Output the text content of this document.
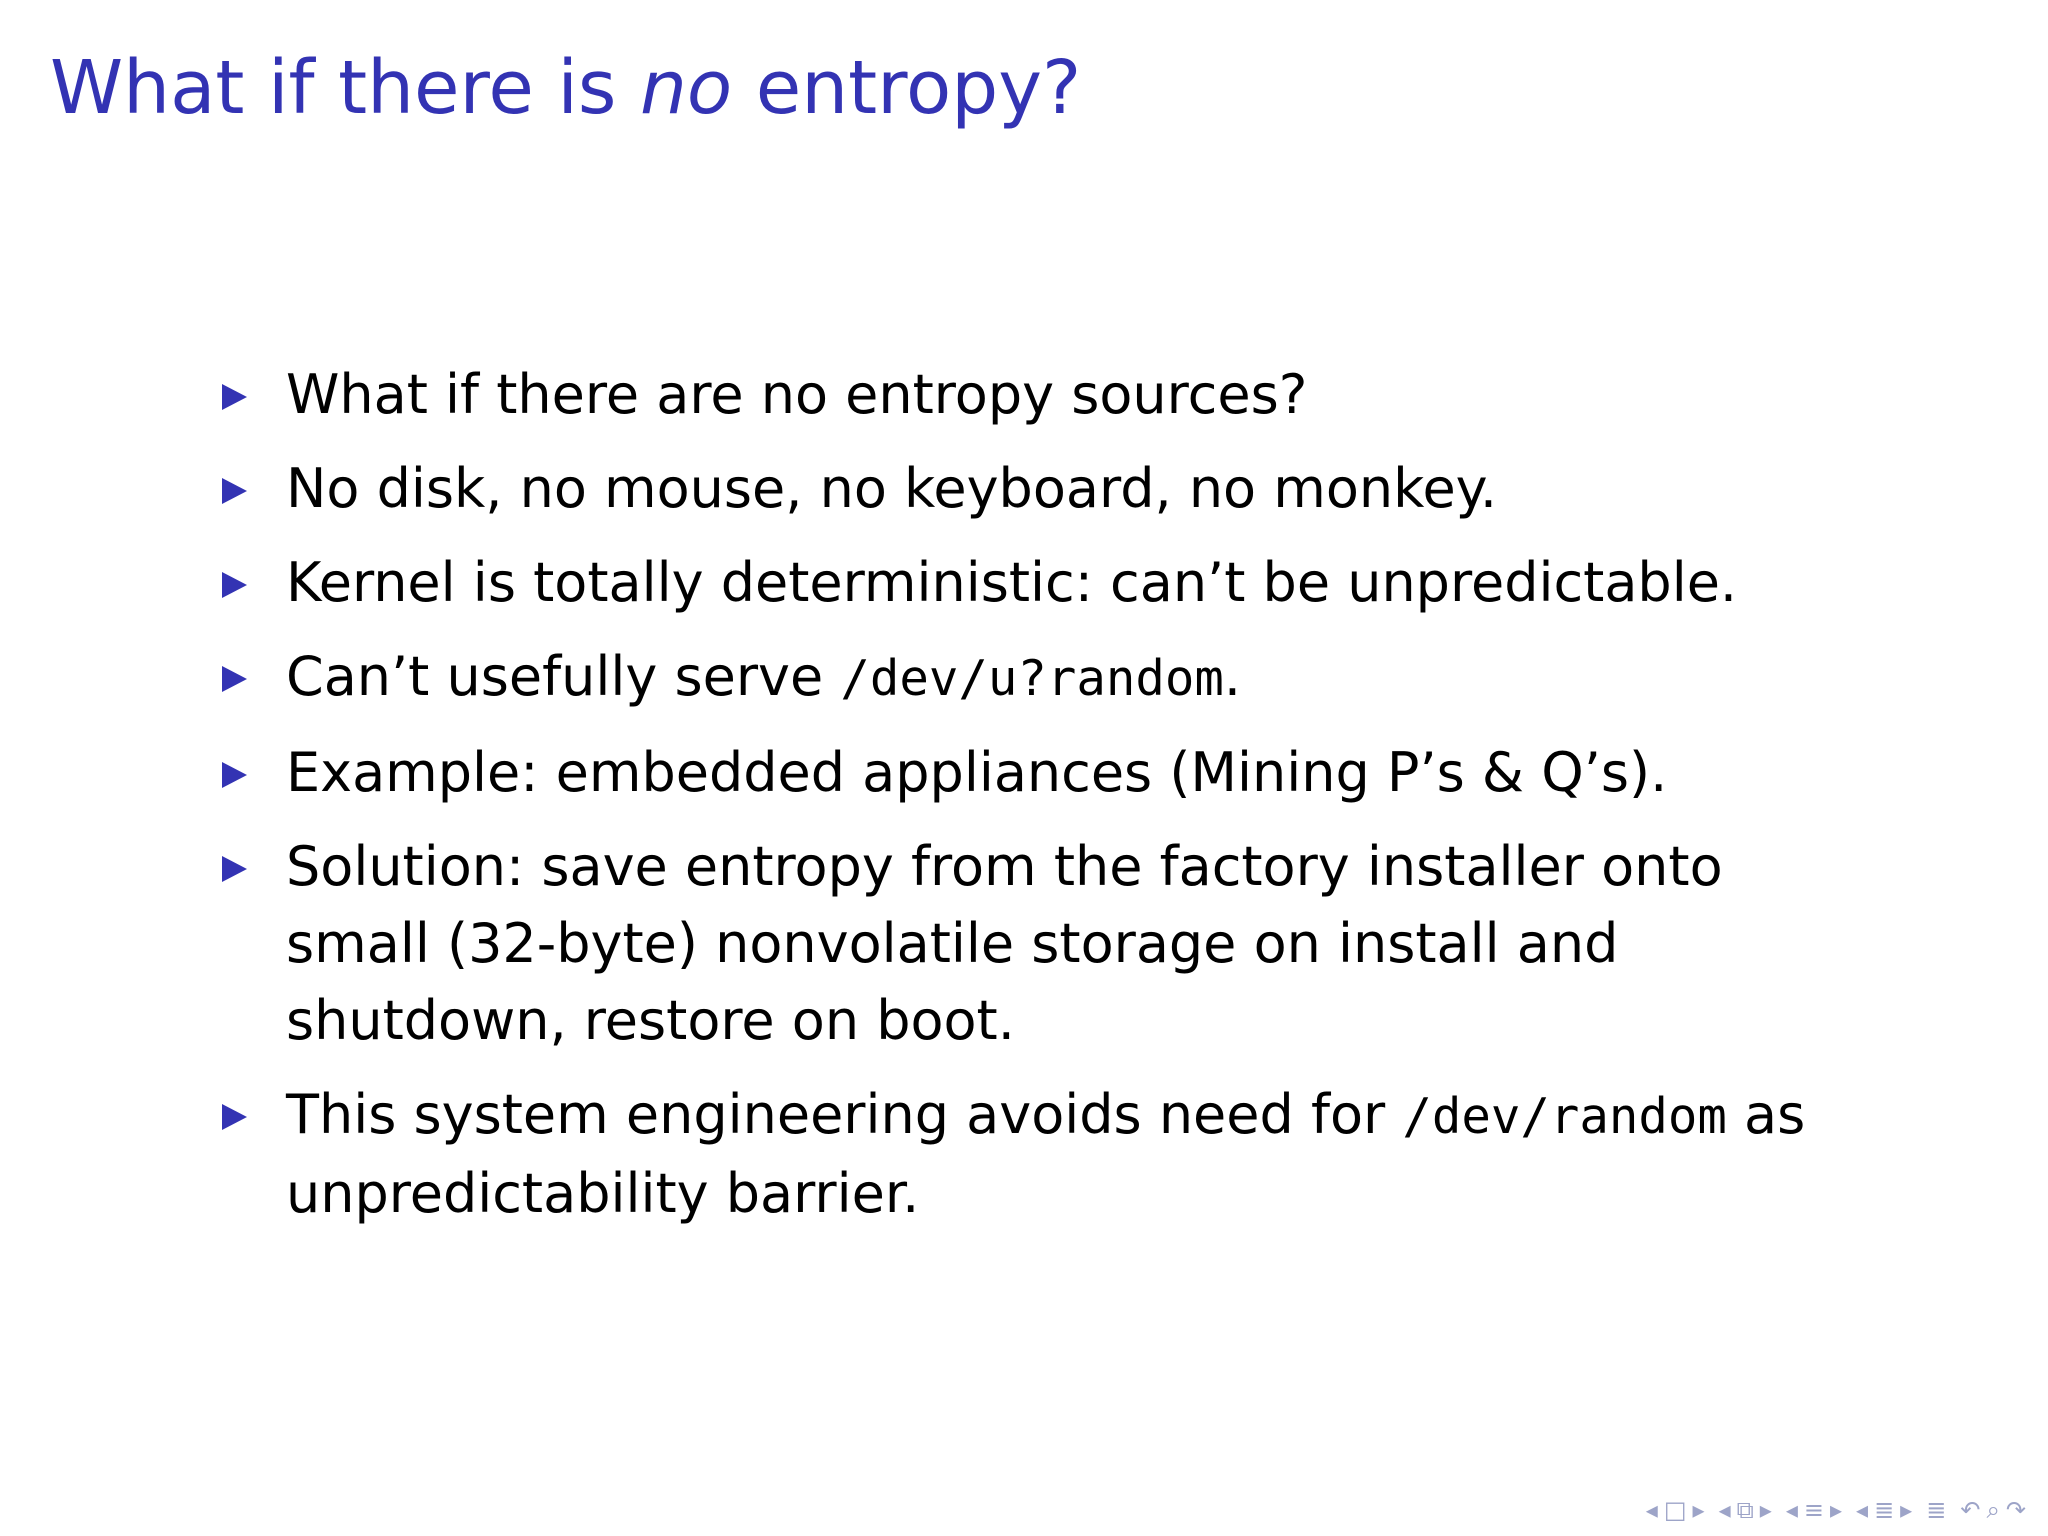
What if there is no entropy?
What if there are no entropy sources?
No disk, no mouse, no keyboard, no monkey.
Kernel is totally deterministic: can’t be unpredictable.
Can’t usefully serve /dev/u?random.
Example: embedded appliances (Mining P’s & Q’s).
Solution: save entropy from the factory installer onto small (32-byte) nonvolatile storage on install and shutdown, restore on boot.
This system engineering avoids need for /dev/random as unpredictability barrier.
◂ □ ▸ ◂ ⧉ ▸ ◂ ≡ ▸ ◂ ≣ ▸ ≣ ↶ ⌕ ↷
